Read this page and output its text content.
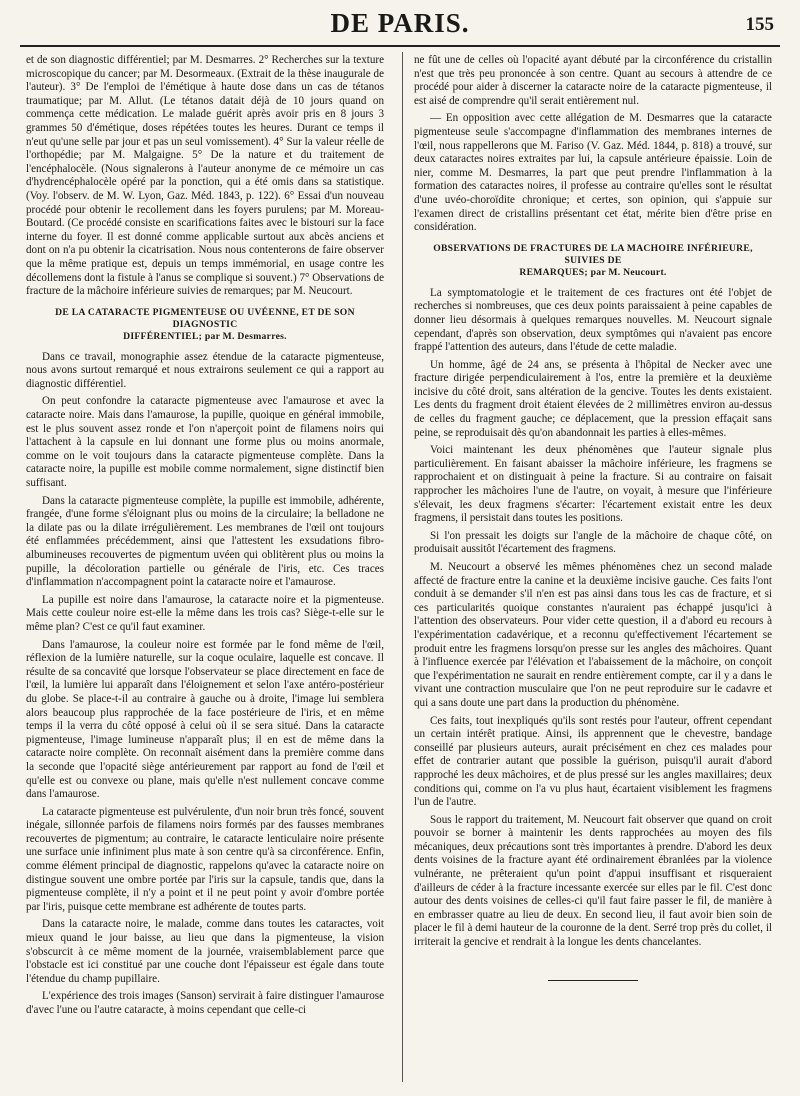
DE PARIS.	155

et de son diagnostic différentiel; par M. Desmarres. 2° Recherches sur la texture microscopique du cancer; par M. Desormeaux. (Extrait de la thèse inaugurale de l'auteur). 3° De l'emploi de l'émétique à haute dose dans un cas de tétanos traumatique; par M. Allut. (Le tétanos datait déjà de 10 jours quand on commença cette médication. Le malade guérit après avoir pris en 8 jours 3 grammes 50 d'émétique, doses répétées toutes les heures. Durant ce temps il n'eut qu'une selle par jour et pas un seul vomissement). 4° Sur la valeur réelle de l'orthopédie; par M. Malgaigne. 5° De la nature et du traitement de l'encéphalocèle. (Nous signalerons à l'auteur anonyme de ce mémoire un cas d'hydrencéphalocèle opéré par la ponction, qui a été omis dans sa statistique. (Voy. l'observ. de M. W. Lyon, Gaz. Méd. 1843, p. 122). 6° Essai d'un nouveau procédé pour obtenir le recollement dans les foyers purulens; par M. Moreau-Boutard. (Ce procédé consiste en scarifications faites avec le bistouri sur la face interne du foyer. Il est donné comme applicable surtout aux abcès anciens et dont on n'a pu obtenir la cicatrisation. Nous nous contenterons de faire observer que la même pratique est, depuis un temps immémorial, en usage contre les décollemens dont la fistule à l'anus se complique si souvent.) 7° Observations de fracture de la mâchoire inférieure suivies de remarques; par M. Neucourt.

DE LA CATARACTE PIGMENTEUSE OU UVÉENNE, ET DE SON DIAGNOSTIC
DIFFÉRENTIEL; par M. Desmarres.

Dans ce travail, monographie assez étendue de la cataracte pigmenteuse, nous avons surtout remarqué et nous extrairons seulement ce qui a rapport au diagnostic différentiel.

On peut confondre la cataracte pigmenteuse avec l'amaurose et avec la cataracte noire. Mais dans l'amaurose, la pupille, quoique en général immobile, est le plus souvent assez ronde et l'on n'aperçoit point de filamens noirs qui l'attachent à la capsule en lui donnant une forme plus ou moins anormale, comme on le voit toujours dans la cataracte pigmenteuse complète. Dans la cataracte noire, la pupille est mobile comme normalement, signe distinctif bien suffisant.

Dans la cataracte pigmenteuse complète, la pupille est immobile, adhérente, frangée, d'une forme s'éloignant plus ou moins de la circulaire; la belladone ne la dilate pas ou la dilate irrégulièrement. Les membranes de l'œil ont toujours été enflammées précédemment, ainsi que l'attestent les exsudations fibro-albumineuses recouvertes de pigmentum uvéen qui oblitèrent plus ou moins la pupille, la décoloration partielle ou générale de l'iris, etc. Ces traces d'inflammation n'accompagnent point la cataracte noire et l'amaurose.

La pupille est noire dans l'amaurose, la cataracte noire et la pigmenteuse. Mais cette couleur noire est-elle la même dans les trois cas? Siège-t-elle sur le même plan? C'est ce qu'il faut examiner.

Dans l'amaurose, la couleur noire est formée par le fond même de l'œil, réflexion de la lumière naturelle, sur la coque oculaire, laquelle est concave. Il résulte de sa concavité que lorsque l'observateur se place directement en face de l'œil, la lumière lui apparaît dans l'éloignement et selon l'axe antéro-postérieur du globe. Se place-t-il au contraire à gauche ou à droite, l'image lui semblera alors beaucoup plus rapprochée de la face postérieure de l'iris, et en même temps il la verra du côté opposé à celui où il se sera situé. Dans la cataracte pigmenteuse, l'image lumineuse n'apparaît plus; il en est de même dans la cataracte noire complète. On reconnaît aisément dans la première comme dans la seconde que l'opacité siège antérieurement par rapport au fond de l'œil et qu'elle est ou convexe ou plane, mais qu'elle n'est nullement concave comme dans l'amaurose.

La cataracte pigmenteuse est pulvérulente, d'un noir brun très foncé, souvent inégale, sillonnée parfois de filamens noirs formés par des fausses membranes recouvertes de pigmentum; au contraire, le cataracte lenticulaire noire présente une surface unie infiniment plus mate à son centre qu'à sa circonférence. Enfin, comme élément principal de diagnostic, rappelons qu'avec la cataracte noire on distingue souvent une ombre portée par l'iris sur la capsule, tandis que, dans la pigmenteuse complète, il n'y a point et il ne peut point y avoir d'ombre portée par l'iris, puisque cette membrane est adhérente de toutes parts.

Dans la cataracte noire, le malade, comme dans toutes les cataractes, voit mieux quand le jour baisse, au lieu que dans la pigmenteuse, la vision s'obscurcit à ce même moment de la journée, vraisemblablement parce que l'obstacle est ici constitué par une couche dont l'épaisseur est égale dans toute l'étendue du champ pupillaire.

L'expérience des trois images (Sanson) servirait à faire distinguer l'amaurose d'avec l'une ou l'autre cataracte, à moins cependant que celle-ci

ne fût une de celles où l'opacité ayant débuté par la circonférence du cristallin n'est que très peu prononcée à son centre. Quant au secours à attendre de ce procédé pour aider à discerner la cataracte noire de la cataracte pigmenteuse, il est aisé de comprendre qu'il serait entièrement nul.

— En opposition avec cette allégation de M. Desmarres que la cataracte pigmenteuse seule s'accompagne d'inflammation des membranes internes de l'œil, nous rappellerons que M. Fariso (V. Gaz. Méd. 1844, p. 818) a trouvé, sur deux cataractes noires extraites par lui, la capsule antérieure épaissie. Loin de nier, comme M. Desmarres, la part que peut prendre l'inflammation à la formation des cataractes noires, il professe au contraire qu'elles sont le résultat d'une uvéo-choroïdite chronique; et certes, son opinion, qui s'appuie sur l'examen direct de cristallins présentant cet état, mérite bien d'être prise en considération.

OBSERVATIONS DE FRACTURES DE LA MACHOIRE INFÉRIEURE, SUIVIES DE
REMARQUES; par M. Neucourt.

La symptomatologie et le traitement de ces fractures ont été l'objet de recherches si nombreuses, que ces deux points paraissaient à peine capables de donner lieu désormais à quelques remarques nouvelles. M. Neucourt signale cependant, d'après son observation, deux symptômes qui n'avaient pas encore frappé l'attention des auteurs, dans l'étude de cette maladie.

Un homme, âgé de 24 ans, se présenta à l'hôpital de Necker avec une fracture dirigée perpendiculairement à l'os, entre la première et la deuxième incisive du côté droit, sans altération de la gencive. Toutes les dents existaient. Les dents du fragment droit étaient élevées de 2 millimètres environ au-dessus de celles du fragment gauche; ce déplacement, que la pression effaçait sans peine, se reproduisait dès qu'on abandonnait les parties à elles-mêmes.

Voici maintenant les deux phénomènes que l'auteur signale plus particulièrement. En faisant abaisser la mâchoire inférieure, les fragmens se rapprochaient et on distinguait à peine la fracture. Si au contraire on faisait rapprocher les mâchoires l'une de l'autre, on voyait, à mesure que l'inférieure s'élevait, les deux fragmens s'écarter: l'écartement existait entre les deux fragmens, il persistait dans toutes les positions.

Si l'on pressait les doigts sur l'angle de la mâchoire de chaque côté, on produisait aussitôt l'écartement des fragmens.

M. Neucourt a observé les mêmes phénomènes chez un second malade affecté de fracture entre la canine et la deuxième incisive gauche. Ces faits l'ont conduit à se demander s'il n'en est pas ainsi dans tous les cas de fracture, et si ces particularités quoique constantes n'auraient pas échappé jusqu'ici à l'attention des observateurs. Pour vider cette question, il a d'abord eu recours à l'expérimentation cadavérique, et a reconnu qu'effectivement l'écartement se produit entre les fragmens lorsqu'on presse sur les angles des mâchoires. Quant à l'influence exercée par l'élévation et l'abaissement de la mâchoire, on conçoit que l'expérimentation ne saurait en rendre entièrement compte, car il y a dans le vivant une contraction musculaire que l'on ne peut reproduire sur le cadavre et qui a sans doute une part dans la production du phénomène.

Ces faits, tout inexpliqués qu'ils sont restés pour l'auteur, offrent cependant un certain intérêt pratique. Ainsi, ils apprennent que le chevestre, bandage conseillé par plusieurs auteurs, aurait précisément en chez ces malades pour effet de contrarier autant que possible la guérison, puisqu'il aurait d'abord rapproché les deux mâchoires, et de plus pressé sur les angles maxillaires; deux conditions qui, comme on l'a vu plus haut, écartaient visiblement les fragmens l'un de l'autre.

Sous le rapport du traitement, M. Neucourt fait observer que quand on croit pouvoir se borner à maintenir les dents rapprochées au moyen des fils mécaniques, deux précautions sont très importantes à prendre. D'abord les deux dents voisines de la fracture ayant été ordinairement ébranlées par la violence vulnérante, ne prêteraient qu'un point d'appui insuffisant et risqueraient d'ailleurs de céder à la fracture incessante exercée sur elles par le fil. C'est donc autour des dents voisines de celles-ci qu'il faut faire passer le fil, de manière à en embrasser quatre au lieu de deux. En second lieu, il faut avoir bien soin de placer le fil à demi hauteur de la couronne de la dent. Serré trop près du collet, il irriterait la gencive et rendrait à la longue les dents chancelantes.
